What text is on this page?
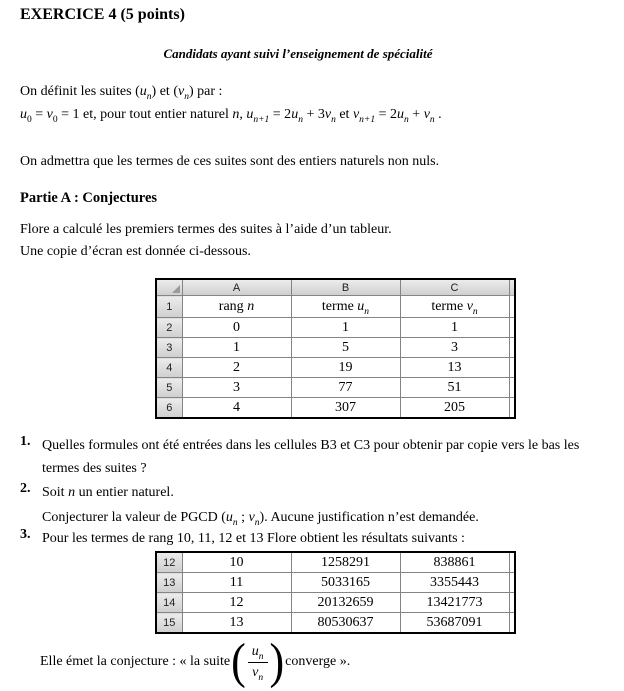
EXERCICE 4 (5 points)
Candidats ayant suivi l’enseignement de spécialité
On définit les suites $(u_n)$ et $(v_n)$ par :
$u_0 = v_0 = 1$ et, pour tout entier naturel n, $u_{n+1} = 2u_n + 3v_n$ et $v_{n+1} = 2u_n + v_n$ .
On admettra que les termes de ces suites sont des entiers naturels non nuls.
Partie A : Conjectures
Flore a calculé les premiers termes des suites à l’aide d’un tableur.
Une copie d’écran est donnée ci-dessous.
	A	B	C	
1	rang n	terme $u_n$	terme $v_n$	
2	0	1	1	
3	1	5	3	
4	2	19	13	
5	3	77	51	
6	4	307	205	
1. Quelles formules ont été entrées dans les cellules B3 et C3 pour obtenir par copie vers le bas les termes des suites ?
2. Soit n un entier naturel.
Conjecturer la valeur de PGCD ($u_n$ ; $v_n$). Aucune justification n’est demandée.
3. Pour les termes de rang 10, 11, 12 et 13 Flore obtient les résultats suivants :
12	10	1258291	838861	
13	11	5033165	3355443	
14	12	20132659	13421773	
15	13	80530637	53687091	
Elle émet la conjecture : « la suite ( $\frac{u_n}{v_n}$ ) converge ».
